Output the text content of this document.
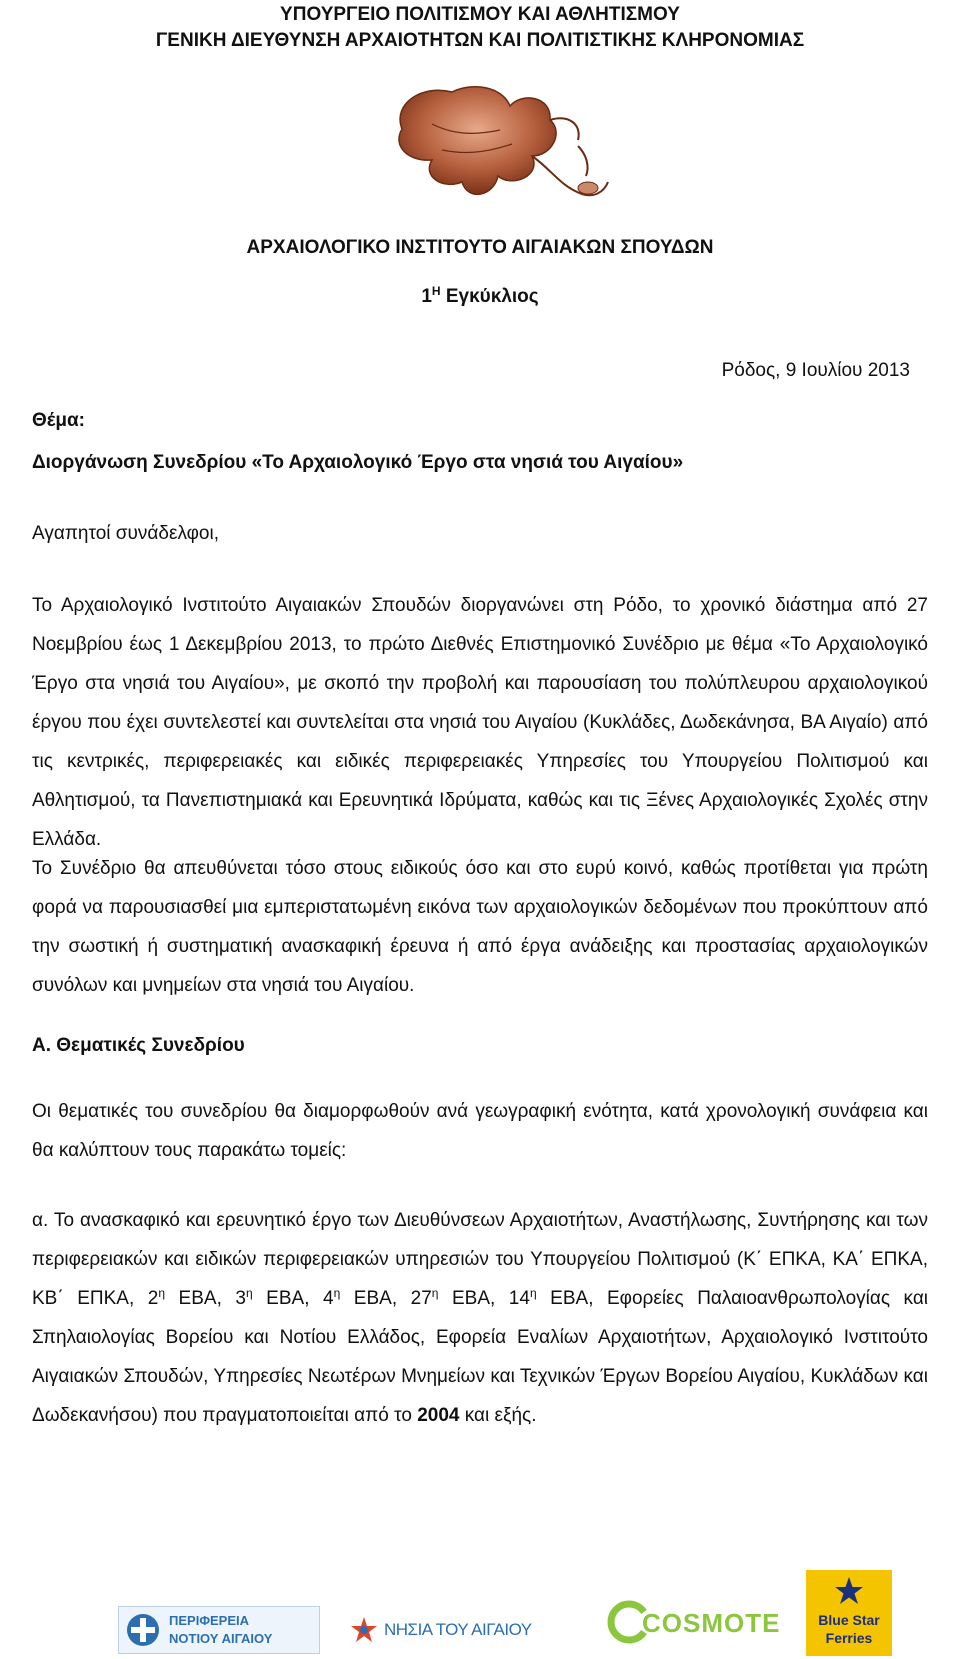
ΥΠΟΥΡΓΕΙΟ ΠΟΛΙΤΙΣΜΟΥ ΚΑΙ ΑΘΛΗΤΙΣΜΟΥ
ΓΕΝΙΚΗ ΔΙΕΥΘΥΝΣΗ ΑΡΧΑΙΟΤΗΤΩΝ ΚΑΙ ΠΟΛΙΤΙΣΤΙΚΗΣ ΚΛΗΡΟΝΟΜΙΑΣ
ΑΡΧΑΙΟΛΟΓΙΚΟ ΙΝΣΤΙΤΟΥΤΟ ΑΙΓΑΙΑΚΩΝ ΣΠΟΥΔΩΝ
$1^H$ Εγκύκλιος
Ρόδος, 9 Ιουλίου 2013
Θέμα:
Διοργάνωση Συνεδρίου «Το Αρχαιολογικό Έργο στα νησιά του Αιγαίου»
Αγαπητοί συνάδελφοι,

Το Αρχαιολογικό Ινστιτούτο Αιγαιακών Σπουδών διοργανώνει στη Ρόδο, το χρονικό διάστημα από 27 Νοεμβρίου έως 1 Δεκεμβρίου 2013, το πρώτο Διεθνές Επιστημονικό Συνέδριο με θέμα «Το Αρχαιολογικό Έργο στα νησιά του Αιγαίου», με σκοπό την προβολή και παρουσίαση του πολύπλευρου αρχαιολογικού έργου που έχει συντελεστεί και συντελείται στα νησιά του Αιγαίου (Κυκλάδες, Δωδεκάνησα, ΒΑ Αιγαίο) από τις κεντρικές, περιφερειακές και ειδικές περιφερειακές Υπηρεσίες του Υπουργείου Πολιτισμού και Αθλητισμού, τα Πανεπιστημιακά και Ερευνητικά Ιδρύματα, καθώς και τις Ξένες Αρχαιολογικές Σχολές στην Ελλάδα.

Το Συνέδριο θα απευθύνεται τόσο στους ειδικούς όσο και στο ευρύ κοινό, καθώς προτίθεται για πρώτη φορά να παρουσιασθεί μια εμπεριστατωμένη εικόνα των αρχαιολογικών δεδομένων που προκύπτουν από την σωστική ή συστηματική ανασκαφική έρευνα ή από έργα ανάδειξης και προστασίας αρχαιολογικών συνόλων και μνημείων στα νησιά του Αιγαίου.

Α. Θεματικές Συνεδρίου

Οι θεματικές του συνεδρίου θα διαμορφωθούν ανά γεωγραφική ενότητα, κατά χρονολογική συνάφεια και θα καλύπτουν τους παρακάτω τομείς:

α. Το ανασκαφικό και ερευνητικό έργο των Διευθύνσεων Αρχαιοτήτων, Αναστήλωσης, Συντήρησης και των περιφερειακών και ειδικών περιφερειακών υπηρεσιών του Υπουργείου Πολιτισμού (Κ΄ ΕΠΚΑ, ΚΑ΄ ΕΠΚΑ, ΚΒ΄ ΕΠΚΑ, $2^\eta$ ΕΒΑ, $3^\eta$ ΕΒΑ, $4^\eta$ ΕΒΑ, $27^\eta$ ΕΒΑ, $14^\eta$ ΕΒΑ, Εφορείες Παλαιοανθρωπολογίας και Σπηλαιολογίας Βορείου και Νοτίου Ελλάδος, Εφορεία Εναλίων Αρχαιοτήτων, Αρχαιολογικό Ινστιτούτο Αιγαιακών Σπουδών, Υπηρεσίες Νεωτέρων Μνημείων και Τεχνικών Έργων Βορείου Αιγαίου, Κυκλάδων και Δωδεκανήσου) που πραγματοποιείται από το 2004 και εξής.

ΠΕΡΙΦΕΡΕΙΑ
ΝΟΤΙΟΥ ΑΙΓΑΙΟΥ	ΝΗΣΙΑ ΤΟΥ ΑΙΓΑΙΟΥ	COSMOTE	Blue Star
Ferries
